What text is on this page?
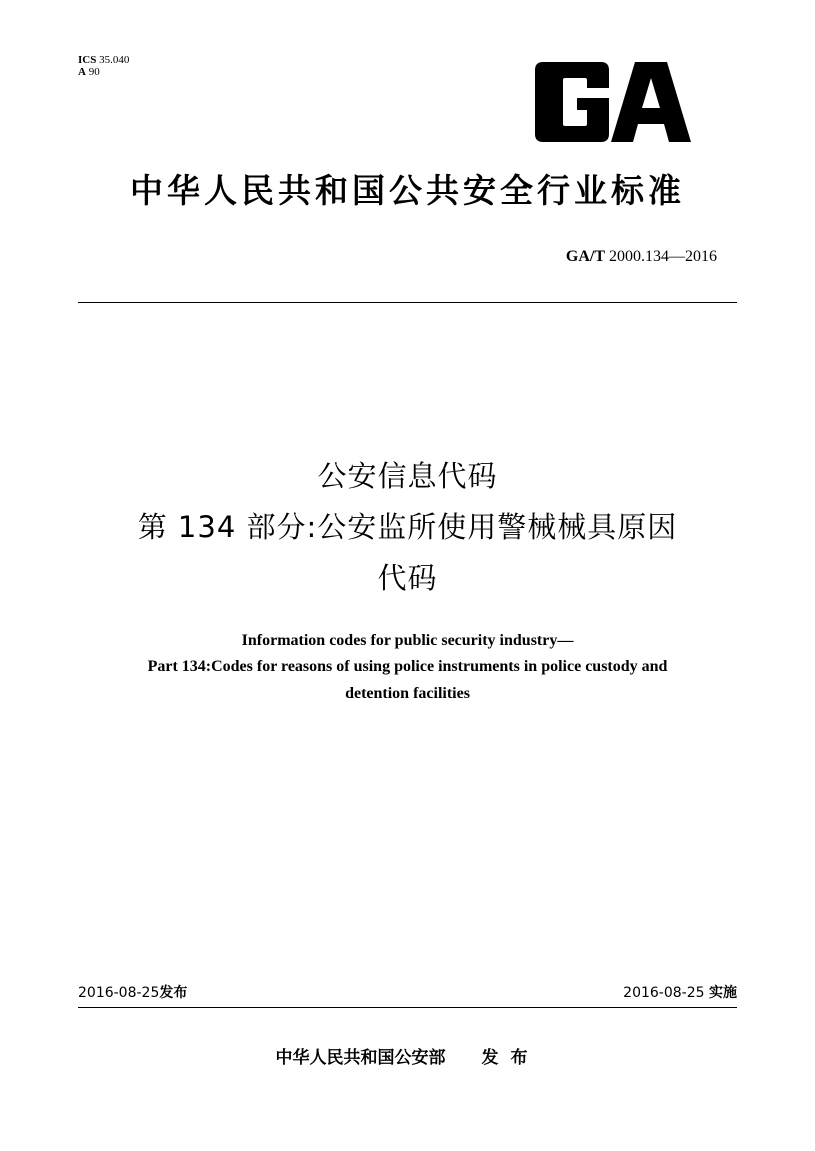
ICS 35.040
A 90
中华人民共和国公共安全行业标准
GA/T 2000.134—2016
公安信息代码
第 134 部分:公安监所使用警械械具原因
代码
Information codes for public security industry—
Part 134:Codes for reasons of using police instruments in police custody and
detention facilities
2016-08-25发布	2016-08-25 实施
中华人民共和国公安部 发布
